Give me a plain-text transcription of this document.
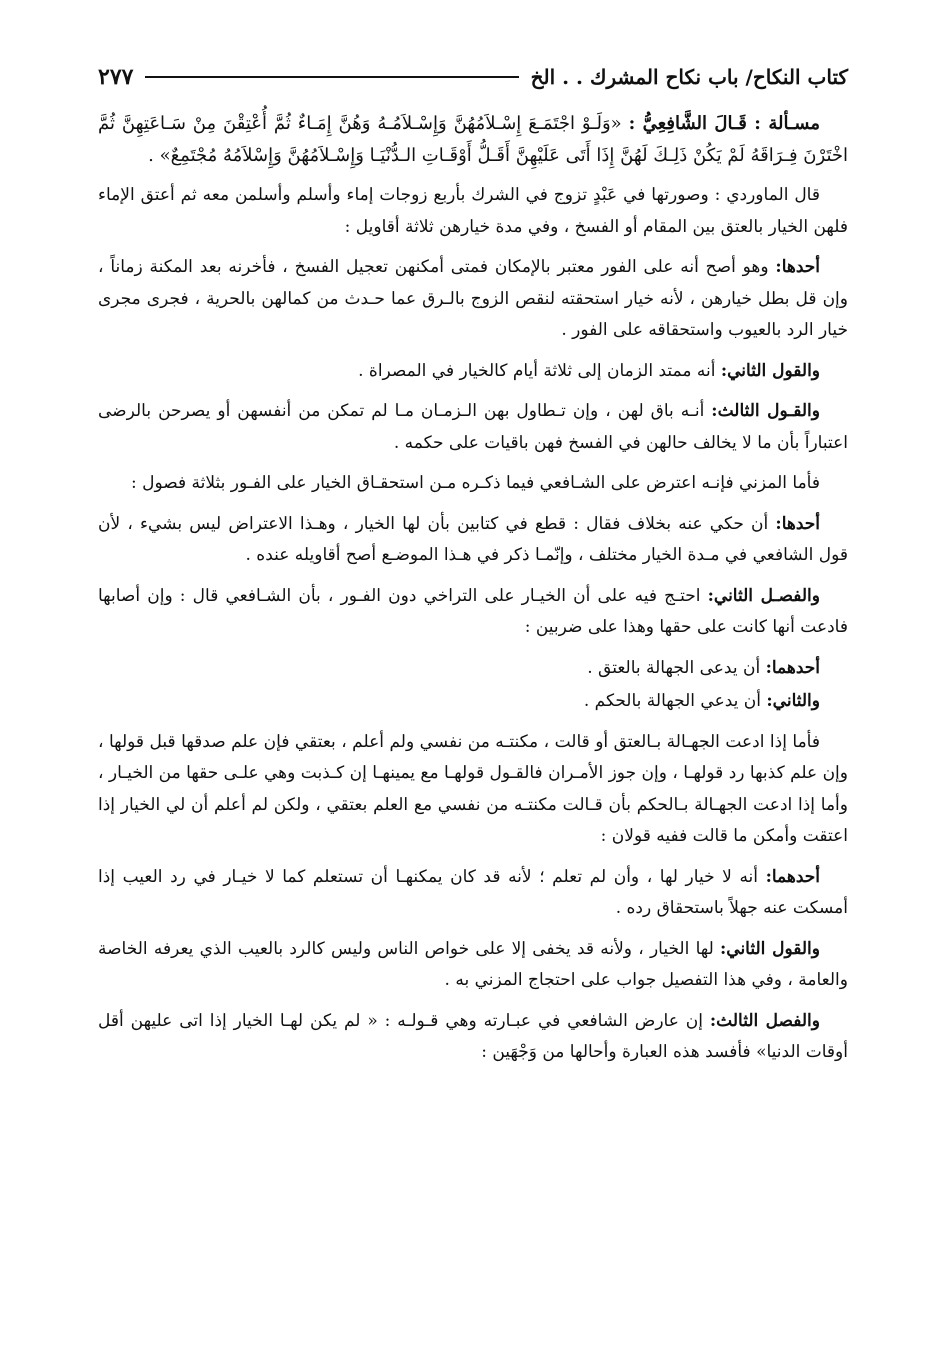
كتاب النكاح/ باب نكاح المشرك . . الخ
٢٧٧

مسـألة : قَـالَ الشَّافِعِيُّ : «وَلَـوْ اجْتَمَـعَ إِسْـلاَمُهُنَّ وَإِسْـلاَمُـهُ وَهُنَّ إِمَـاءٌ ثُمَّ أُعْتِقْنَ مِنْ سَـاعَتِهِنَّ ثُمَّ اخْتَرْنَ فِـرَاقَهُ لَمْ يَكُنْ ذَلِـكَ لَهُنَّ إِذَا أَتَى عَلَيْهِنَّ أَقَـلُّ أَوْقَـاتِ الـدُّنْيَـا وَإِسْـلاَمُهُنَّ وَإِسْلاَمُهُ مُجْتَمِعٌ» .

قال الماوردي : وصورتها في عَبْدٍ تزوج في الشرك بأربع زوجات إماء وأسلم وأسلمن معه ثم أعتق الإماء فلهن الخيار بالعتق بين المقام أو الفسخ ، وفي مدة خيارهن ثلاثة أقاويل :

أحدها: وهو أصح أنه على الفور معتبر بالإمكان فمتى أمكنهن تعجيل الفسخ ، فأخرنه بعد المكنة زماناً ، وإن قل بطل خيارهن ، لأنه خيار استحقته لنقص الزوج بالـرق عما حـدث من كمالهن بالحرية ، فجرى مجرى خيار الرد بالعيوب واستحقاقه على الفور .

والقول الثاني: أنه ممتد الزمان إلى ثلاثة أيام كالخيار في المصراة .

والقـول الثالث: أنـه باق لهن ، وإن تـطاول بهن الـزمـان مـا لم تمكن من أنفسهن أو يصرحن بالرضى اعتباراً بأن ما لا يخالف حالهن في الفسخ فهن باقيات على حكمه .

فأما المزني فإنـه اعترض على الشـافعي فيما ذكـره مـن استحقـاق الخيار على الفـور بثلاثة فصول :

أحدها: أن حكي عنه بخلاف فقال : قطع في كتابين بأن لها الخيار ، وهـذا الاعتراض ليس بشيء ، لأن قول الشافعي في مـدة الخيار مختلف ، وإنّمـا ذكر في هـذا الموضـع أصح أقاويله عنده .

والفصـل الثاني: احتـج فيه على أن الخيـار على التراخي دون الفـور ، بأن الشـافعي قال : وإن أصابها فادعت أنها كانت على حقها وهذا على ضربين :

أحدهما: أن يدعى الجهالة بالعتق .

والثاني: أن يدعي الجهالة بالحكم .

فأما إذا ادعت الجهـالة بـالعتق أو قالت ، مكنتـه من نفسي ولم أعلم ، بعتقي فإن علم صدقها قبل قولها ، وإن علم كذبها رد قولهـا ، وإن جوز الأمـران فالقـول قولهـا مع يمينهـا إن كـذبت وهي علـى حقها من الخيـار ، وأما إذا ادعت الجهـالة بـالحكم بأن قـالت مكنتـه من نفسي مع العلم بعتقي ، ولكن لم أعلم أن لي الخيار إذا اعتقت وأمكن ما قالت ففيه قولان :

أحدهما: أنه لا خيار لها ، وأن لم تعلم ؛ لأنه قد كان يمكنهـا أن تستعلم كما لا خيـار في رد العيب إذا أمسكت عنه جهلاً باستحقاق رده .

والقول الثاني: لها الخيار ، ولأنه قد يخفى إلا على خواص الناس وليس كالرد بالعيب الذي يعرفه الخاصة والعامة ، وفي هذا التفصيل جواب على احتجاج المزني به .

والفصل الثالث: إن عارض الشافعي في عبـارته وهي قـولـه : « لم يكن لهـا الخيار إذا اتى عليهن أقل أوقات الدنيا» فأفسد هذه العبارة وأحالها من وَجْهَين :
